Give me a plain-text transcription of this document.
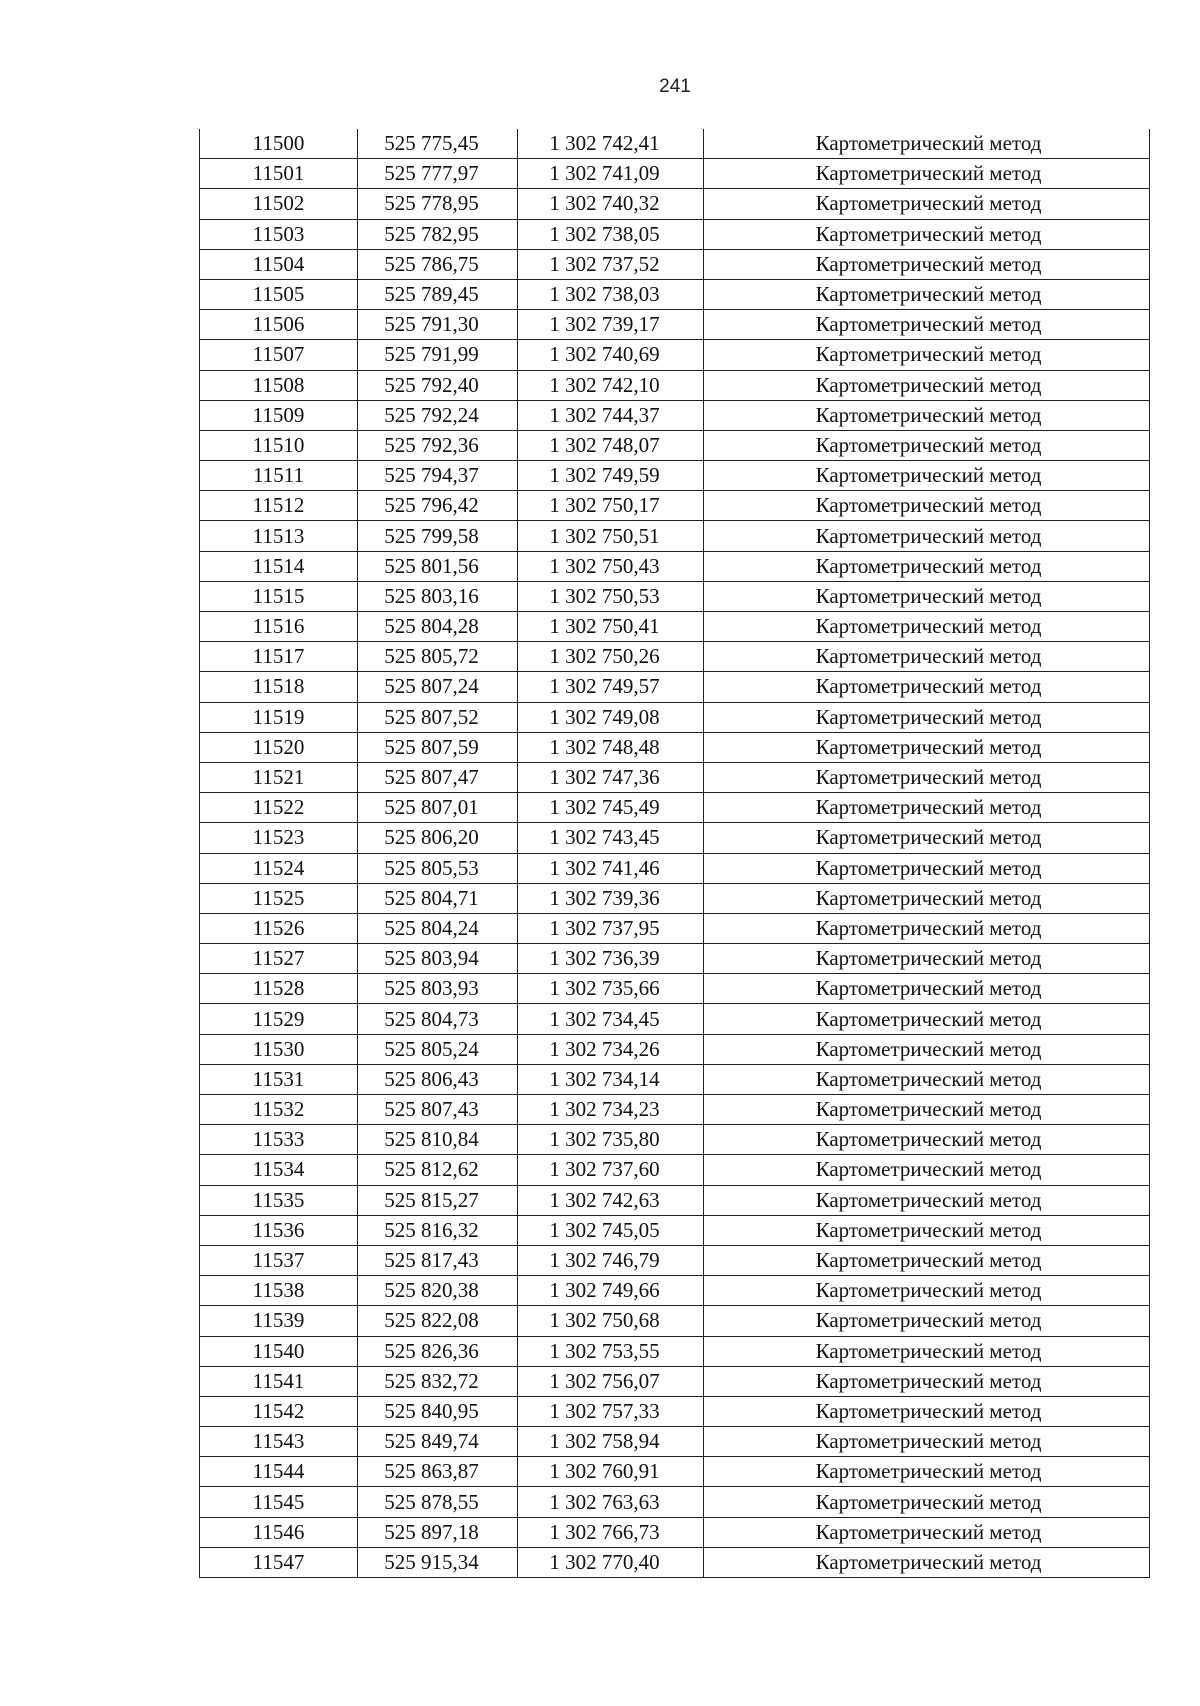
241
11500	525 775,45	1 302 742,41	Картометрический метод
11501	525 777,97	1 302 741,09	Картометрический метод
11502	525 778,95	1 302 740,32	Картометрический метод
11503	525 782,95	1 302 738,05	Картометрический метод
11504	525 786,75	1 302 737,52	Картометрический метод
11505	525 789,45	1 302 738,03	Картометрический метод
11506	525 791,30	1 302 739,17	Картометрический метод
11507	525 791,99	1 302 740,69	Картометрический метод
11508	525 792,40	1 302 742,10	Картометрический метод
11509	525 792,24	1 302 744,37	Картометрический метод
11510	525 792,36	1 302 748,07	Картометрический метод
11511	525 794,37	1 302 749,59	Картометрический метод
11512	525 796,42	1 302 750,17	Картометрический метод
11513	525 799,58	1 302 750,51	Картометрический метод
11514	525 801,56	1 302 750,43	Картометрический метод
11515	525 803,16	1 302 750,53	Картометрический метод
11516	525 804,28	1 302 750,41	Картометрический метод
11517	525 805,72	1 302 750,26	Картометрический метод
11518	525 807,24	1 302 749,57	Картометрический метод
11519	525 807,52	1 302 749,08	Картометрический метод
11520	525 807,59	1 302 748,48	Картометрический метод
11521	525 807,47	1 302 747,36	Картометрический метод
11522	525 807,01	1 302 745,49	Картометрический метод
11523	525 806,20	1 302 743,45	Картометрический метод
11524	525 805,53	1 302 741,46	Картометрический метод
11525	525 804,71	1 302 739,36	Картометрический метод
11526	525 804,24	1 302 737,95	Картометрический метод
11527	525 803,94	1 302 736,39	Картометрический метод
11528	525 803,93	1 302 735,66	Картометрический метод
11529	525 804,73	1 302 734,45	Картометрический метод
11530	525 805,24	1 302 734,26	Картометрический метод
11531	525 806,43	1 302 734,14	Картометрический метод
11532	525 807,43	1 302 734,23	Картометрический метод
11533	525 810,84	1 302 735,80	Картометрический метод
11534	525 812,62	1 302 737,60	Картометрический метод
11535	525 815,27	1 302 742,63	Картометрический метод
11536	525 816,32	1 302 745,05	Картометрический метод
11537	525 817,43	1 302 746,79	Картометрический метод
11538	525 820,38	1 302 749,66	Картометрический метод
11539	525 822,08	1 302 750,68	Картометрический метод
11540	525 826,36	1 302 753,55	Картометрический метод
11541	525 832,72	1 302 756,07	Картометрический метод
11542	525 840,95	1 302 757,33	Картометрический метод
11543	525 849,74	1 302 758,94	Картометрический метод
11544	525 863,87	1 302 760,91	Картометрический метод
11545	525 878,55	1 302 763,63	Картометрический метод
11546	525 897,18	1 302 766,73	Картометрический метод
11547	525 915,34	1 302 770,40	Картометрический метод
